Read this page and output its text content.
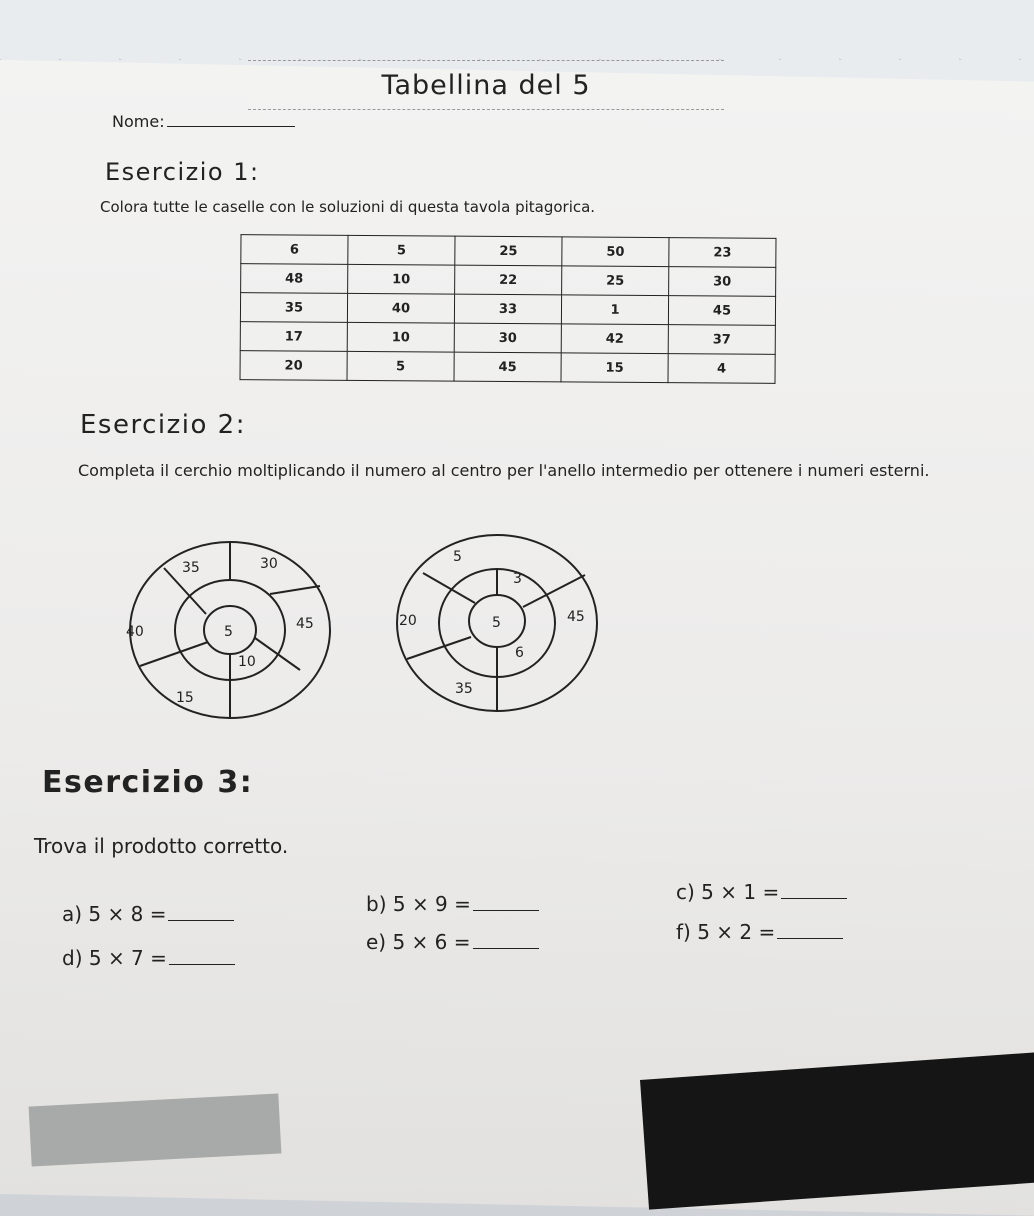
Tabellina del 5
Nome:
Esercizio 1:
Colora tutte le caselle con le soluzioni di questa tavola pitagorica.
6	5	25	50	23
48	10	22	25	30
35	40	33	1	45
17	10	30	42	37
20	5	45	15	4
Esercizio 2:
Completa il cerchio moltiplicando il numero al centro per l'anello intermedio per ottenere i numeri esterni.
5
10
35	30
40	45
15
5
3
6
5
20	45
35
Esercizio 3:
Trova il prodotto corretto.
a) 5 × 8 =	b) 5 × 9 =	c) 5 × 1 =
d) 5 × 7 =
e) 5 × 6 =	f) 5 × 2 =
